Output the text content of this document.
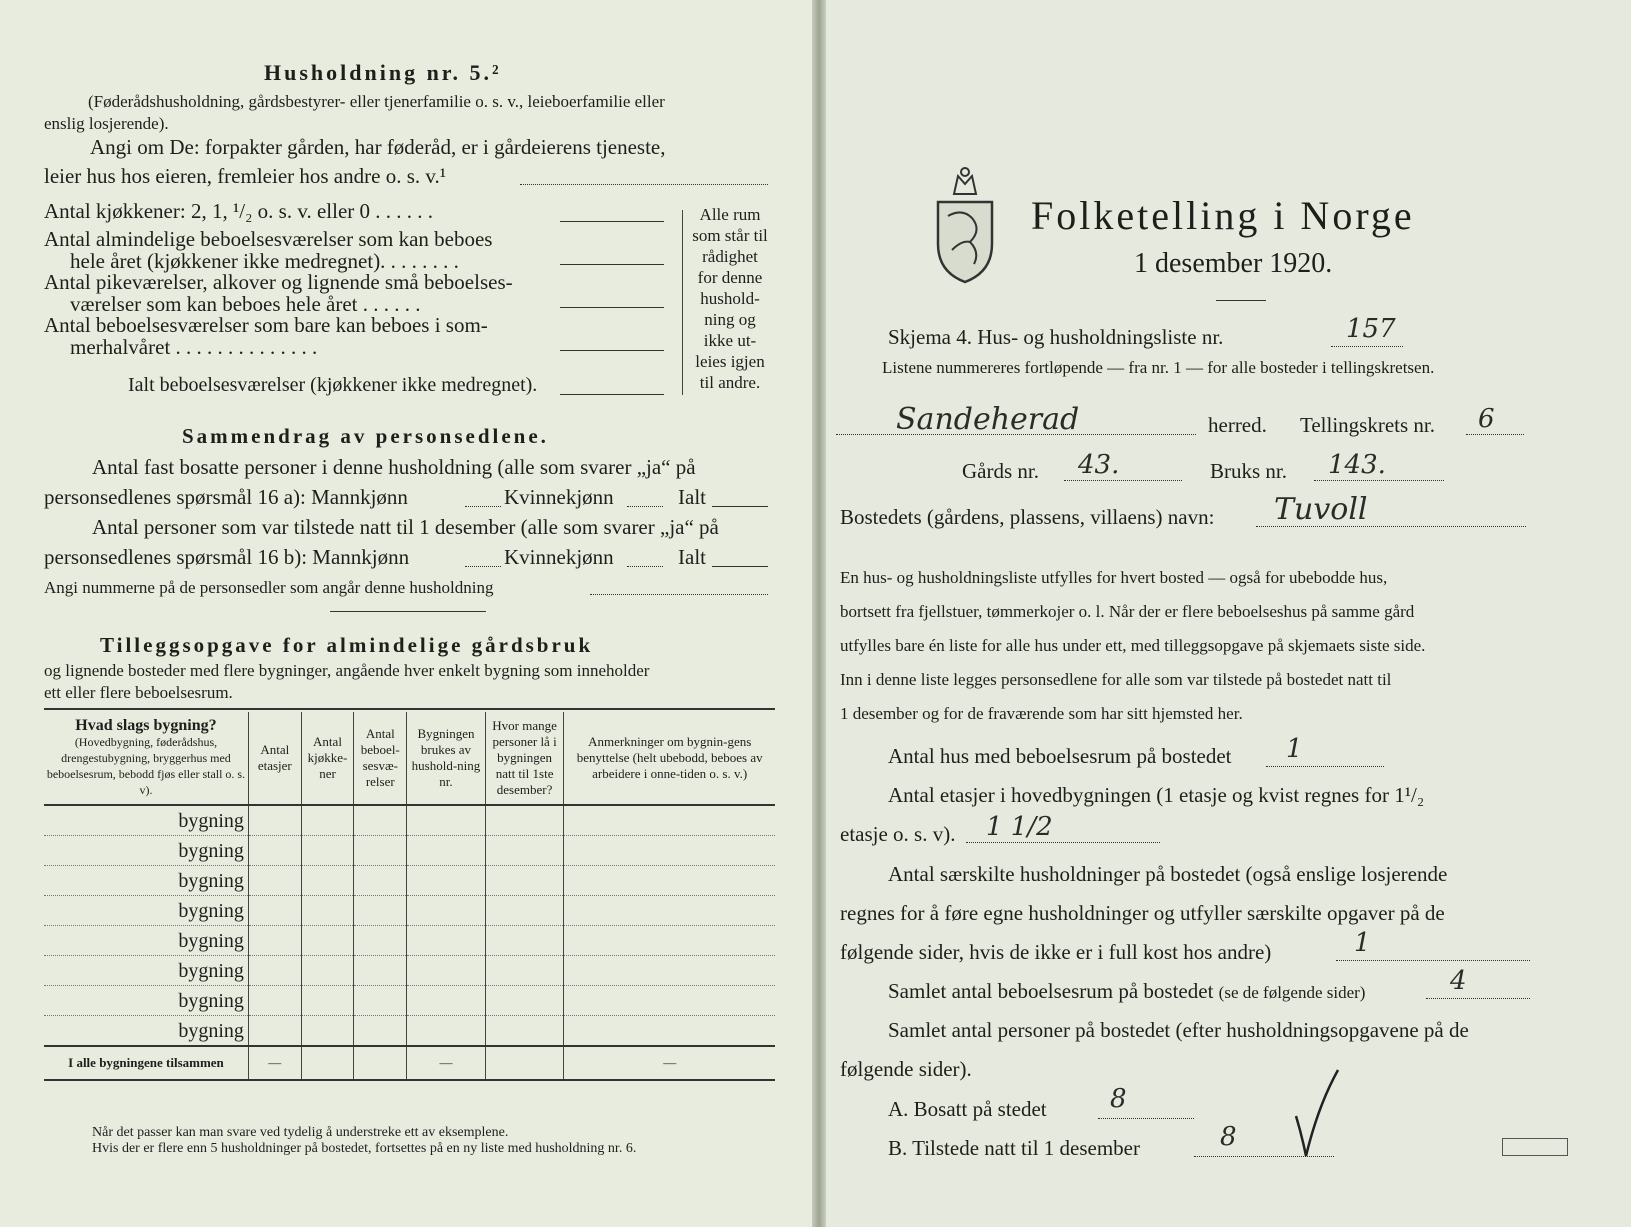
Husholdning nr. 5.²
(Føderådshusholdning, gårdsbestyrer- eller tjenerfamilie o. s. v., leieboerfamilie eller
enslig losjerende).
Angi om De: forpakter gården, har føderåd, er i gårdeierens tjeneste,
leier hus hos eieren, fremleier hos andre o. s. v.¹
Antal kjøkkener: 2, 1, ¹/₂ o. s. v. eller 0 . . . . . .
Antal almindelige beboelsesværelser som kan beboes
hele året (kjøkkener ikke medregnet). . . . . . . .
Antal pikeværelser, alkover og lignende små beboelses-
værelser som kan beboes hele året . . . . . .
Antal beboelsesværelser som bare kan beboes i som-
merhalvåret . . . . . . . . . . . . . .
Ialt beboelsesværelser (kjøkkener ikke medregnet).
Alle rum
som står til
rådighet
for denne
hushold-
ning og
ikke ut-
leies igjen
til andre.
Sammendrag av personsedlene.
Antal fast bosatte personer i denne husholdning (alle som svarer „ja“ på
personsedlenes spørsmål 16 a): Mannkjønn	Kvinnekjønn	Ialt
Antal personer som var tilstede natt til 1 desember (alle som svarer „ja“ på
personsedlenes spørsmål 16 b): Mannkjønn	Kvinnekjønn	Ialt
Angi nummerne på de personsedler som angår denne husholdning
Tilleggsopgave for almindelige gårdsbruk
og lignende bosteder med flere bygninger, angående hver enkelt bygning som inneholder
ett eller flere beboelsesrum.
Hvad slags bygning?
(Hovedbygning, føderådshus, drengestubygning, bryggerhus med beboelsesrum, bebodd fjøs eller stall o. s. v).	Antal etasjer	Antal kjøkke-ner	Antal beboel-sesvæ-relser	Bygningen brukes av hushold-ning nr.	Hvor mange personer lå i bygningen natt til 1ste desember?	Anmerkninger om bygnin-gens benyttelse (helt ubebodd, beboes av arbeidere i onne-tiden o. s. v.)
bygning						
bygning						
bygning						
bygning						
bygning						
bygning						
bygning						
bygning						
I alle bygningene tilsammen	—			—		—
Når det passer kan man svare ved tydelig å understreke ett av eksemplene.
Hvis der er flere enn 5 husholdninger på bostedet, fortsettes på en ny liste med husholdning nr. 6.
Folketelling i Norge
1 desember 1920.
Skjema 4. Hus- og husholdningsliste nr.	157
Listene nummereres fortløpende — fra nr. 1 — for alle bosteder i tellingskretsen.
Sandeherad	herred. Tellingskrets nr. 6
Gårds nr. 43.	Bruks nr. 143.
Bostedets (gårdens, plassens, villaens) navn: Tuvoll
En hus- og husholdningsliste utfylles for hvert bosted — også for ubebodde hus,
bortsett fra fjellstuer, tømmerkojer o. l. Når der er flere beboelseshus på samme gård
utfylles bare én liste for alle hus under ett, med tilleggsopgave på skjemaets siste side.
Inn i denne liste legges personsedlene for alle som var tilstede på bostedet natt til
1 desember og for de fraværende som har sitt hjemsted her.
Antal hus med beboelsesrum på bostedet 1
Antal etasjer i hovedbygningen (1 etasje og kvist regnes for 1¹/₂
etasje o. s. v). 1 1/2
Antal særskilte husholdninger på bostedet (også enslige losjerende
regnes for å føre egne husholdninger og utfyller særskilte opgaver på de
følgende sider, hvis de ikke er i full kost hos andre)	1
Samlet antal beboelsesrum på bostedet (se de følgende sider)	4
Samlet antal personer på bostedet (efter husholdningsopgavene på de
følgende sider).
A. Bosatt på stedet 8
B. Tilstede natt til 1 desember	8
